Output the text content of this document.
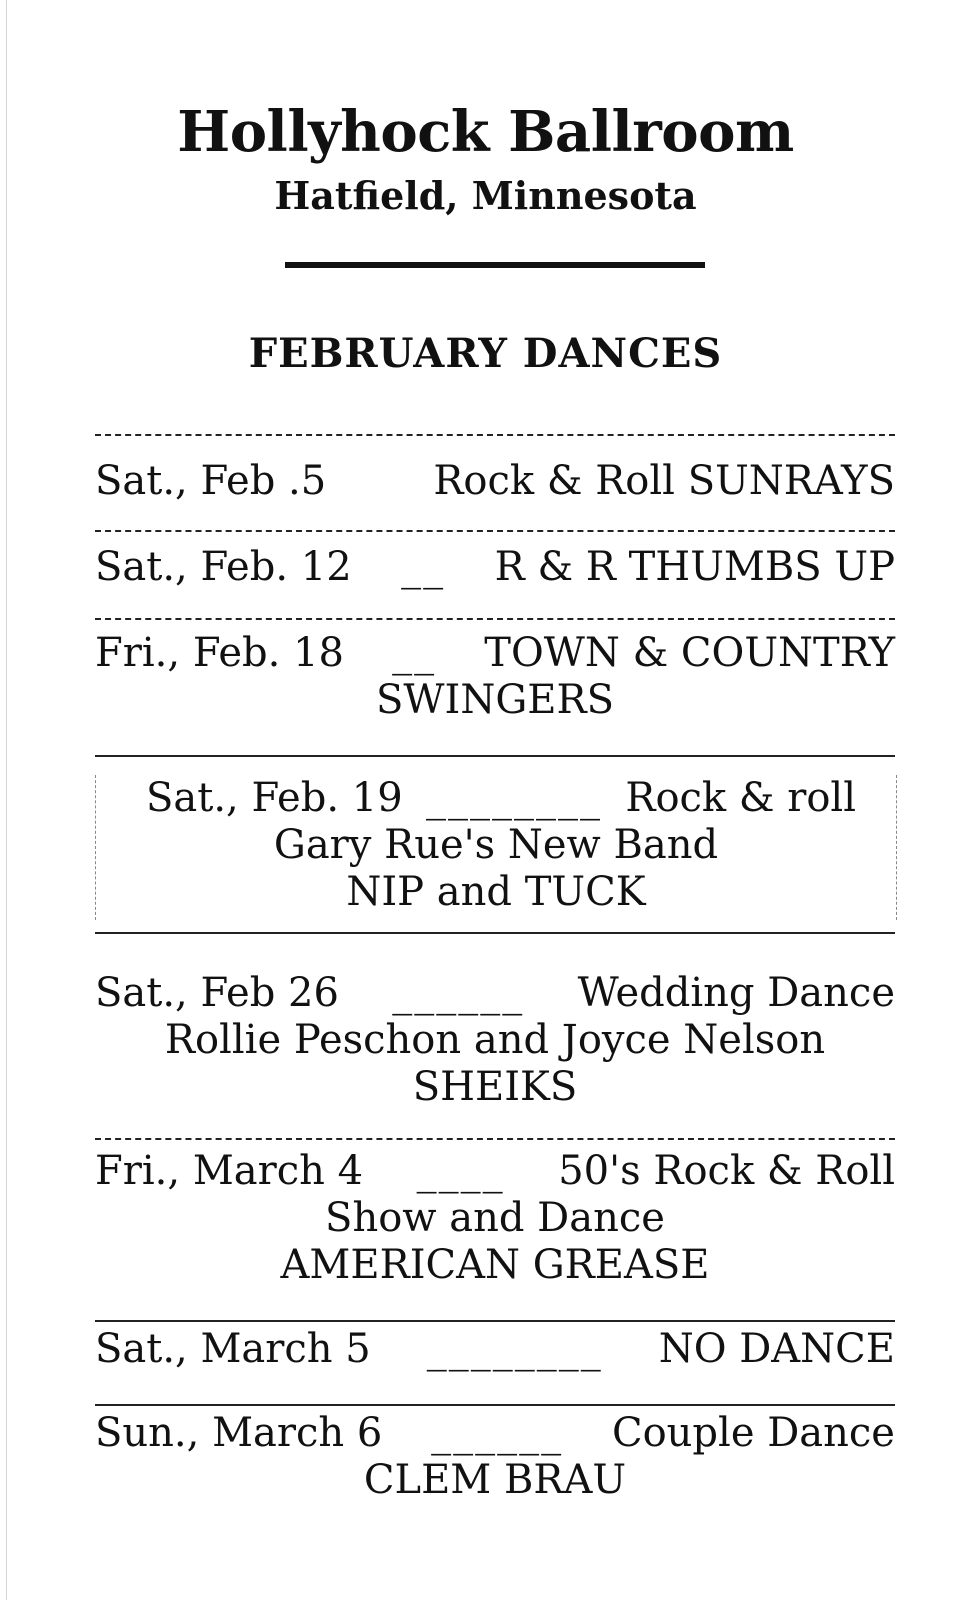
Hollyhock Ballroom
Hatfield, Minnesota
FEBRUARY DANCES
Sat., Feb .5	Rock & Roll SUNRAYS
Sat., Feb. 12 __ R & R THUMBS UP
Fri., Feb. 18 __ TOWN & COUNTRY
SWINGERS
Sat., Feb. 19 ________ Rock & roll
Gary Rue's New Band
NIP and TUCK
Sat., Feb 26 ______ Wedding Dance
Rollie Peschon and Joyce Nelson
SHEIKS
Fri., March 4 ____ 50's Rock & Roll
Show and Dance
AMERICAN GREASE
Sat., March 5 ________ NO DANCE
Sun., March 6 ______ Couple Dance
CLEM BRAU
